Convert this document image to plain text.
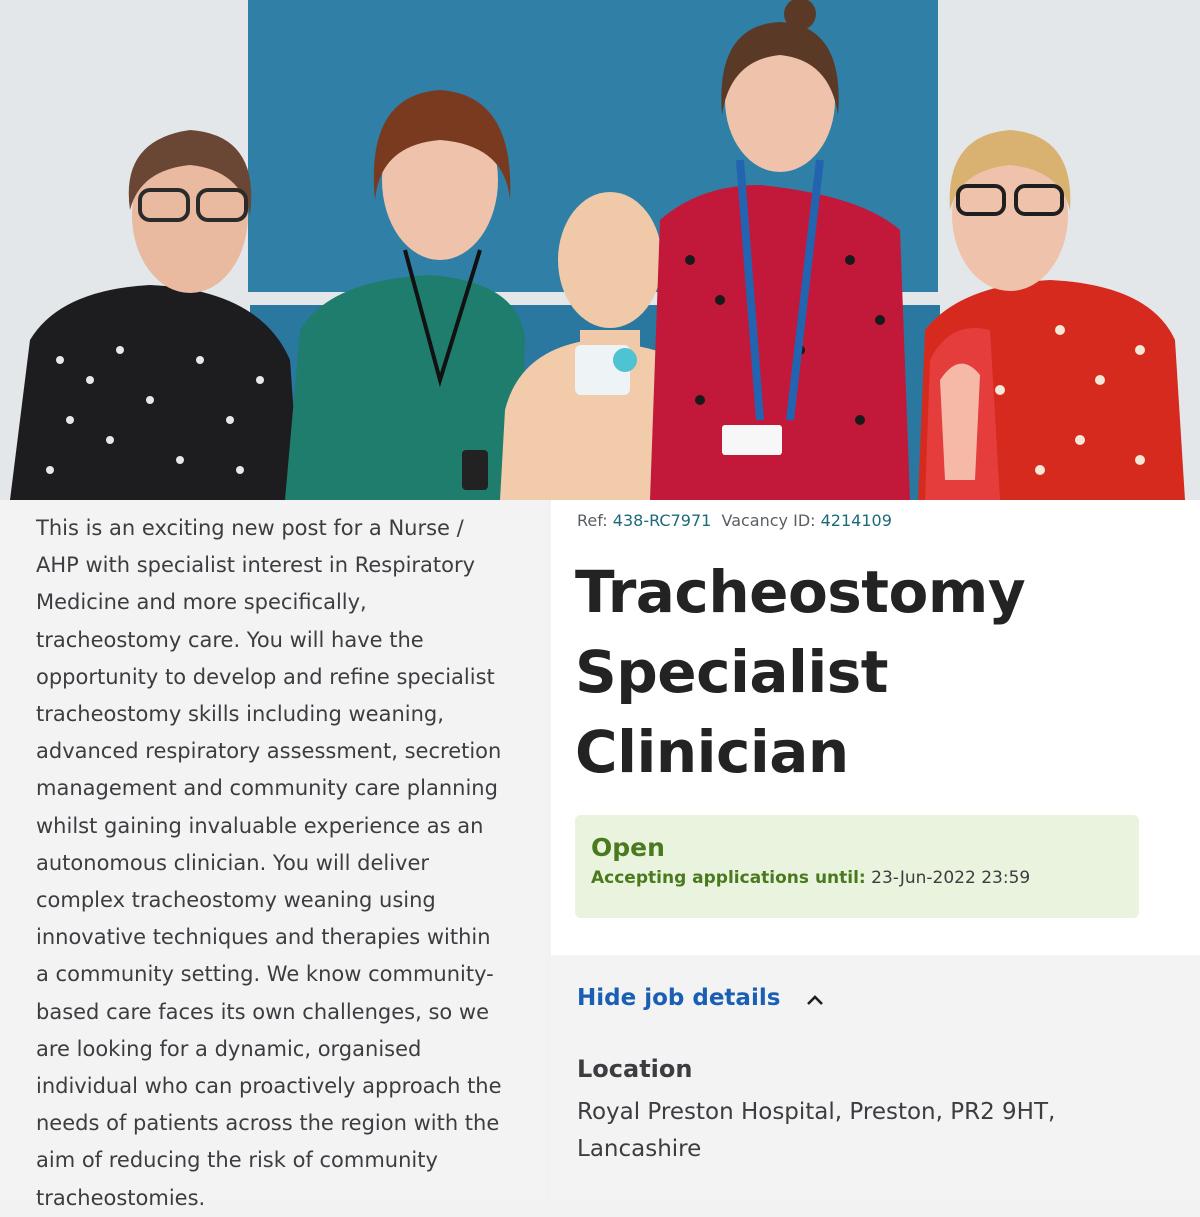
This is an exciting new post for a Nurse / AHP with specialist interest in Respiratory Medicine and more specifically, tracheostomy care. You will have the opportunity to develop and refine specialist tracheostomy skills including weaning, advanced respiratory assessment, secretion management and community care planning whilst gaining invaluable experience as an autonomous clinician. You will deliver complex tracheostomy weaning using innovative techniques and therapies within a community setting. We know community-based care faces its own challenges, so we are looking for a dynamic, organised individual who can proactively approach the needs of patients across the region with the aim of reducing the risk of community tracheostomies.

Ref: 438-RC7971 Vacancy ID: 4214109
Tracheostomy Specialist Clinician
Open
Accepting applications until: 23-Jun-2022 23:59
Hide job details
Location
Royal Preston Hospital, Preston, PR2 9HT, Lancashire
